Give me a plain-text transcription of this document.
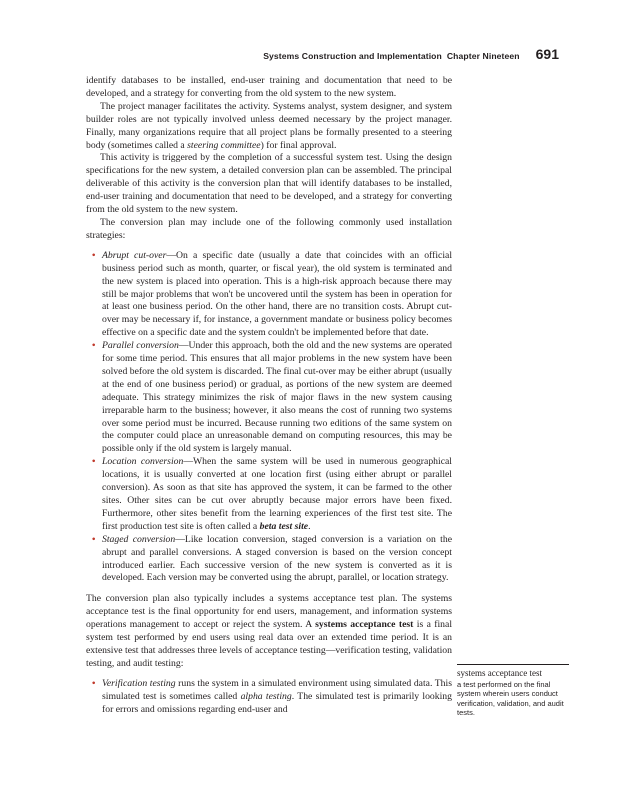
Systems Construction and Implementation Chapter Nineteen 691

identify databases to be installed, end-user training and documentation that need to be developed, and a strategy for converting from the old system to the new system.

The project manager facilitates the activity. Systems analyst, system designer, and system builder roles are not typically involved unless deemed necessary by the project manager. Finally, many organizations require that all project plans be formally presented to a steering body (sometimes called a steering committee) for final approval.

This activity is triggered by the completion of a successful system test. Using the design specifications for the new system, a detailed conversion plan can be assembled. The principal deliverable of this activity is the conversion plan that will identify databases to be installed, end-user training and documentation that need to be developed, and a strategy for converting from the old system to the new system.

The conversion plan may include one of the following commonly used installation strategies:

• Abrupt cut-over—On a specific date (usually a date that coincides with an official business period such as month, quarter, or fiscal year), the old system is terminated and the new system is placed into operation. This is a high-risk approach because there may still be major problems that won't be uncovered until the system has been in operation for at least one business period. On the other hand, there are no transition costs. Abrupt cut-over may be necessary if, for instance, a government mandate or business policy becomes effective on a specific date and the system couldn't be implemented before that date.
• Parallel conversion—Under this approach, both the old and the new systems are operated for some time period. This ensures that all major problems in the new system have been solved before the old system is discarded. The final cut-over may be either abrupt (usually at the end of one business period) or gradual, as portions of the new system are deemed adequate. This strategy minimizes the risk of major flaws in the new system causing irreparable harm to the business; however, it also means the cost of running two systems over some period must be incurred. Because running two editions of the same system on the computer could place an unreasonable demand on computing resources, this may be possible only if the old system is largely manual.
• Location conversion—When the same system will be used in numerous geographical locations, it is usually converted at one location first (using either abrupt or parallel conversion). As soon as that site has approved the system, it can be farmed to the other sites. Other sites can be cut over abruptly because major errors have been fixed. Furthermore, other sites benefit from the learning experiences of the first test site. The first production test site is often called a beta test site.
• Staged conversion—Like location conversion, staged conversion is a variation on the abrupt and parallel conversions. A staged conversion is based on the version concept introduced earlier. Each successive version of the new system is converted as it is developed. Each version may be converted using the abrupt, parallel, or location strategy.

The conversion plan also typically includes a systems acceptance test plan. The systems acceptance test is the final opportunity for end users, management, and information systems operations management to accept or reject the system. A systems acceptance test is a final system test performed by end users using real data over an extended time period. It is an extensive test that addresses three levels of acceptance testing—verification testing, validation testing, and audit testing:

• Verification testing runs the system in a simulated environment using simulated data. This simulated test is sometimes called alpha testing. The simulated test is primarily looking for errors and omissions regarding end-user and
systems acceptance test
a test performed on the final system wherein users conduct verification, validation, and audit tests.
